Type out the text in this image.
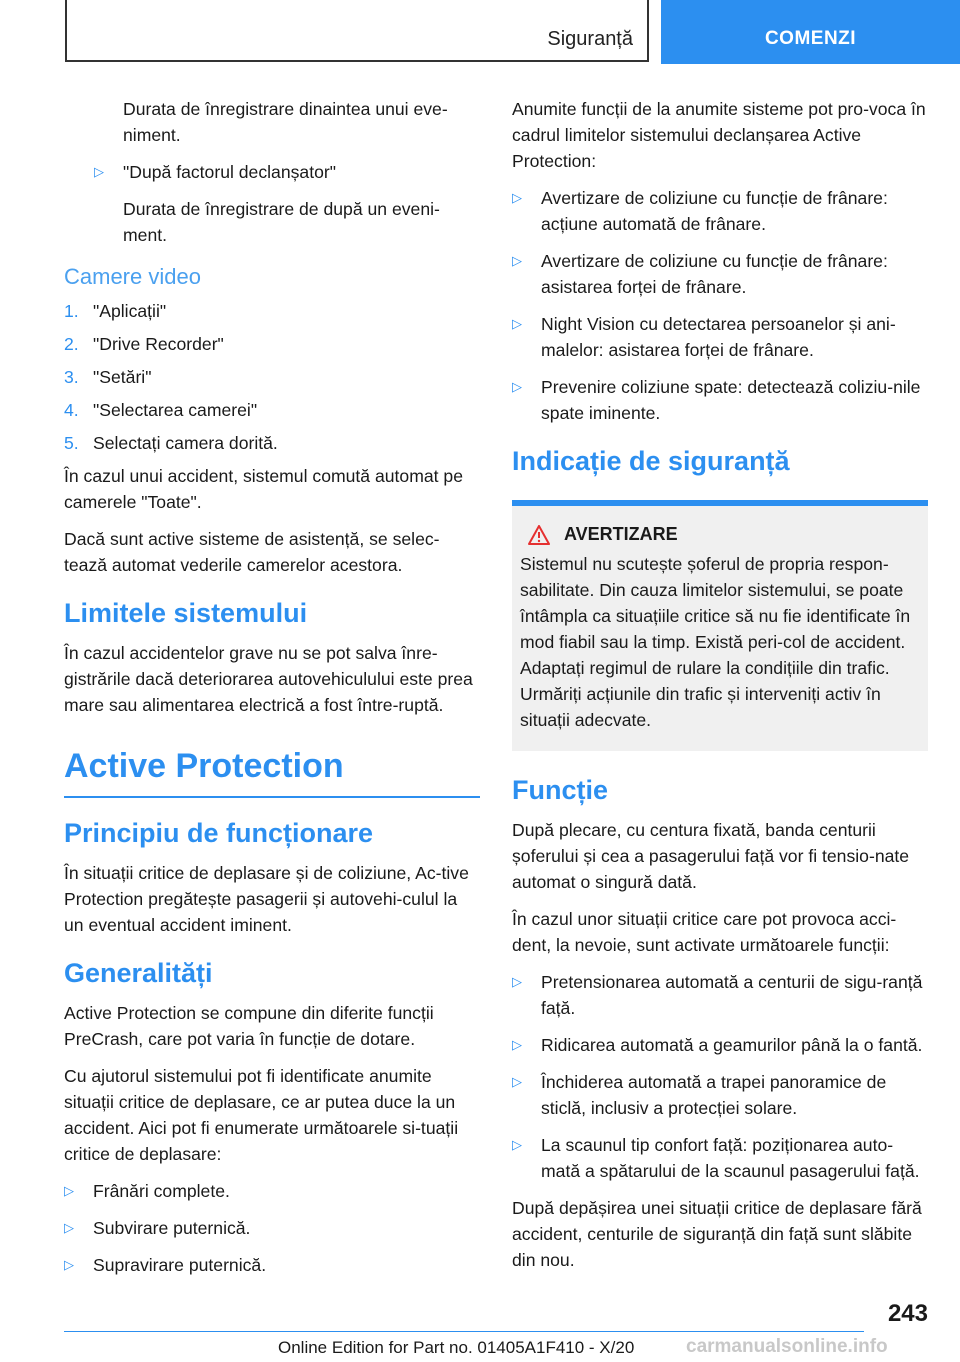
Siguranță	COMENZI

Durata de înregistrare dinaintea unui eve-niment.

▷ "După factorul declanșator"

Durata de înregistrare de după un eveni-ment.

Camere video
1. "Aplicații"
2. "Drive Recorder"
3. "Setări"
4. "Selectarea camerei"
5. Selectați camera dorită.

În cazul unui accident, sistemul comută automat pe camerele "Toate".

Dacă sunt active sisteme de asistență, se selec-tează automat vederile camerelor acestora.

Limitele sistemului

În cazul accidentelor grave nu se pot salva înre-gistrările dacă deteriorarea autovehiculului este prea mare sau alimentarea electrică a fost între-ruptă.

Active Protection
Principiu de funcționare

În situații critice de deplasare și de coliziune, Ac-tive Protection pregătește pasagerii și autovehi-culul la un eventual accident iminent.

Generalități

Active Protection se compune din diferite funcții PreCrash, care pot varia în funcție de dotare.

Cu ajutorul sistemului pot fi identificate anumite situații critice de deplasare, ce ar putea duce la un accident. Aici pot fi enumerate următoarele si-tuații critice de deplasare:

▷ Frânări complete.
▷ Subvirare puternică.
▷ Supravirare puternică.

Anumite funcții de la anumite sisteme pot pro-voca în cadrul limitelor sistemului declanșarea Active Protection:

▷ Avertizare de coliziune cu funcție de frânare: acțiune automată de frânare.
▷ Avertizare de coliziune cu funcție de frânare: asistarea forței de frânare.
▷ Night Vision cu detectarea persoanelor și ani-malelor: asistarea forței de frânare.
▷ Prevenire coliziune spate: detectează coliziu-nile spate iminente.
Indicație de siguranță
AVERTIZARE

Sistemul nu scutește șoferul de propria respon-sabilitate. Din cauza limitelor sistemului, se poate întâmpla ca situațiile critice să nu fie identificate în mod fiabil sau la timp. Există peri-col de accident. Adaptați regimul de rulare la condițiile din trafic. Urmăriți acțiunile din trafic și interveniți activ în situații adecvate.

Funcție

După plecare, cu centura fixată, banda centurii șoferului și cea a pasagerului față vor fi tensio-nate automat o singură dată.

În cazul unor situații critice care pot provoca acci-dent, la nevoie, sunt activate următoarele funcții:

▷ Pretensionarea automată a centurii de sigu-ranță față.
▷ Ridicarea automată a geamurilor până la o fantă.
▷ Închiderea automată a trapei panoramice de sticlă, inclusiv a protecției solare.
▷ La scaunul tip confort față: poziționarea auto-mată a spătarului de la scaunul pasagerului față.

După depășirea unei situații critice de deplasare fără accident, centurile de siguranță din față sunt slăbite din nou.

243
Online Edition for Part no. 01405A1F410 - X/20	carmanualsonline.info
